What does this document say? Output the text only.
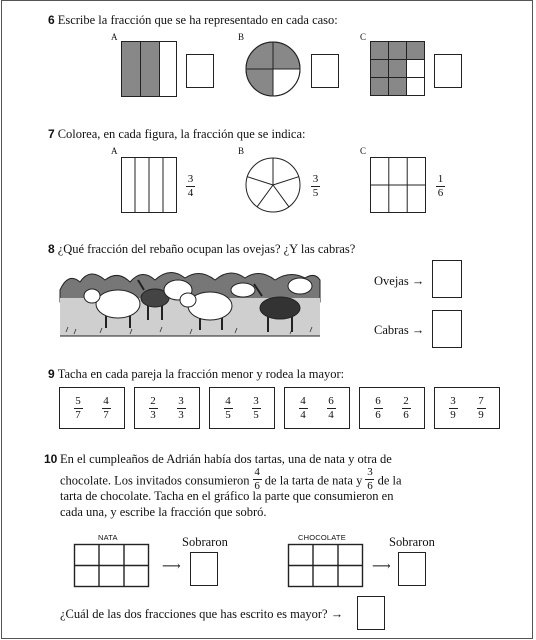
6 Escribe la fracción que se ha representado en cada caso:
A	B	C
7 Colorea, en cada figura, la fracción que se indica:
A	B	C
3
4
3
5
1
6
8 ¿Qué fracción del rebaño ocupan las ovejas? ¿Y las cabras?
Ovejas →
Cabras →
9 Tacha en cada pareja la fracción menor y rodea la mayor:
$\frac{5}{7} \frac{4}{7}$	$\frac{2}{3} \frac{3}{3}$	$\frac{4}{5} \frac{3}{5}$	$\frac{4}{4} \frac{6}{4}$	$\frac{6}{6} \frac{2}{6}$	$\frac{3}{9} \frac{7}{9}$
10 En el cumpleaños de Adrián había dos tartas, una de nata y otra de
chocolate. Los invitados consumieron $\frac{4}{6}$ de la tarta de nata y $\frac{3}{6}$ de la
tarta de chocolate. Tacha en el gráfico la parte que consumieron en
cada una, y escribe la fracción que sobró.
NATA	Sobraron
⟶
CHOCOLATE	Sobraron
⟶
¿Cuál de las dos fracciones que has escrito es mayor? →
